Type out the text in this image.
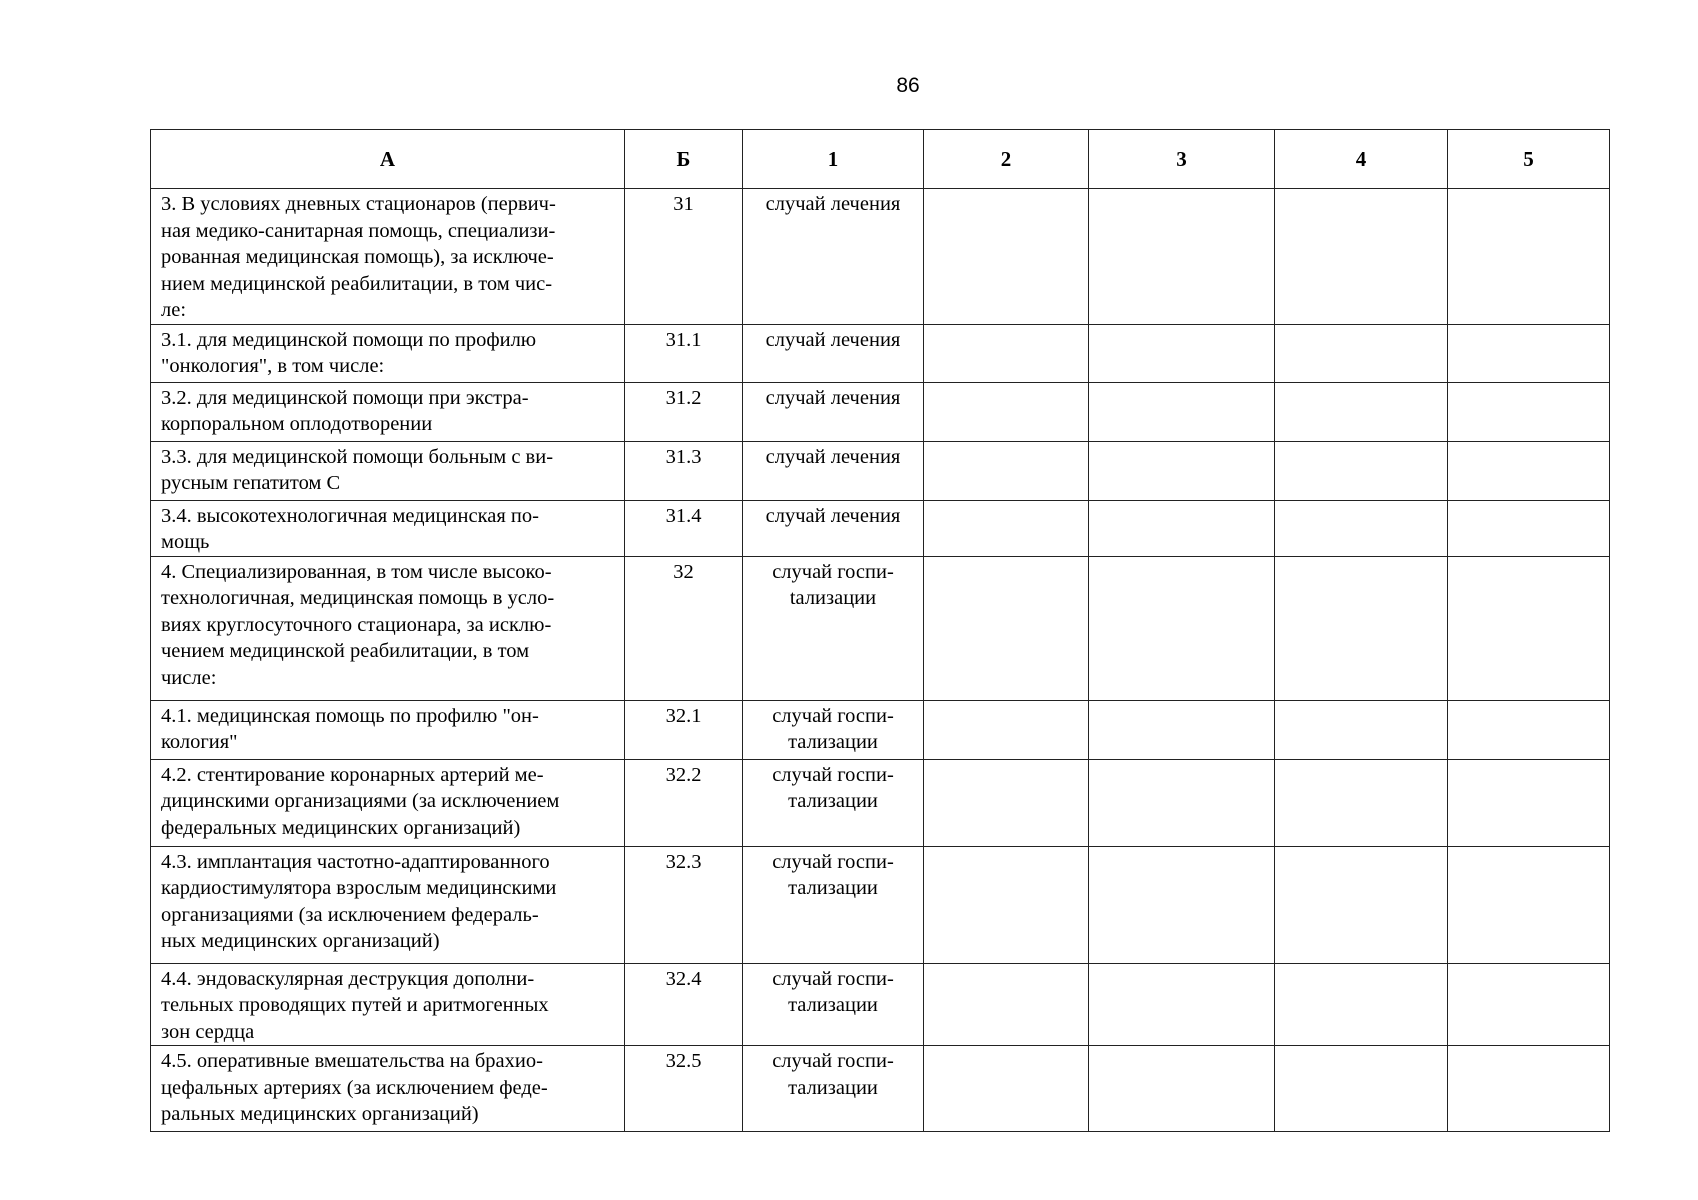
86
А	Б	1	2	3	4	5
3. В условиях дневных стационаров (первич-
ная медико-санитарная помощь, специализи-
рованная медицинская помощь), за исключе-
нием медицинской реабилитации, в том чис-
ле:	31	случай лечения				
3.1. для медицинской помощи по профилю
"онкология", в том числе:	31.1	случай лечения				
3.2. для медицинской помощи при экстра-
корпоральном оплодотворении	31.2	случай лечения				
3.3. для медицинской помощи больным с ви-
русным гепатитом С	31.3	случай лечения				
3.4. высокотехнологичная медицинская по-
мощь	31.4	случай лечения				
4. Специализированная, в том числе высоко-
технологичная, медицинская помощь в усло-
виях круглосуточного стационара, за исклю-
чением медицинской реабилитации, в том
числе:	32	случай госпи-
tализации				
4.1. медицинская помощь по профилю "он-
кология"	32.1	случай госпи-
тализации				
4.2. стентирование коронарных артерий ме-
дицинскими организациями (за исключением
федеральных медицинских организаций)	32.2	случай госпи-
тализации				
4.3. имплантация частотно-адаптированного
кардиостимулятора взрослым медицинскими
организациями (за исключением федераль-
ных медицинских организаций)	32.3	случай госпи-
тализации				
4.4. эндоваскулярная деструкция дополни-
тельных проводящих путей и аритмогенных
зон сердца	32.4	случай госпи-
тализации				
4.5. оперативные вмешательства на брахио-
цефальных артериях (за исключением феде-
ральных медицинских организаций)	32.5	случай госпи-
тализации				
